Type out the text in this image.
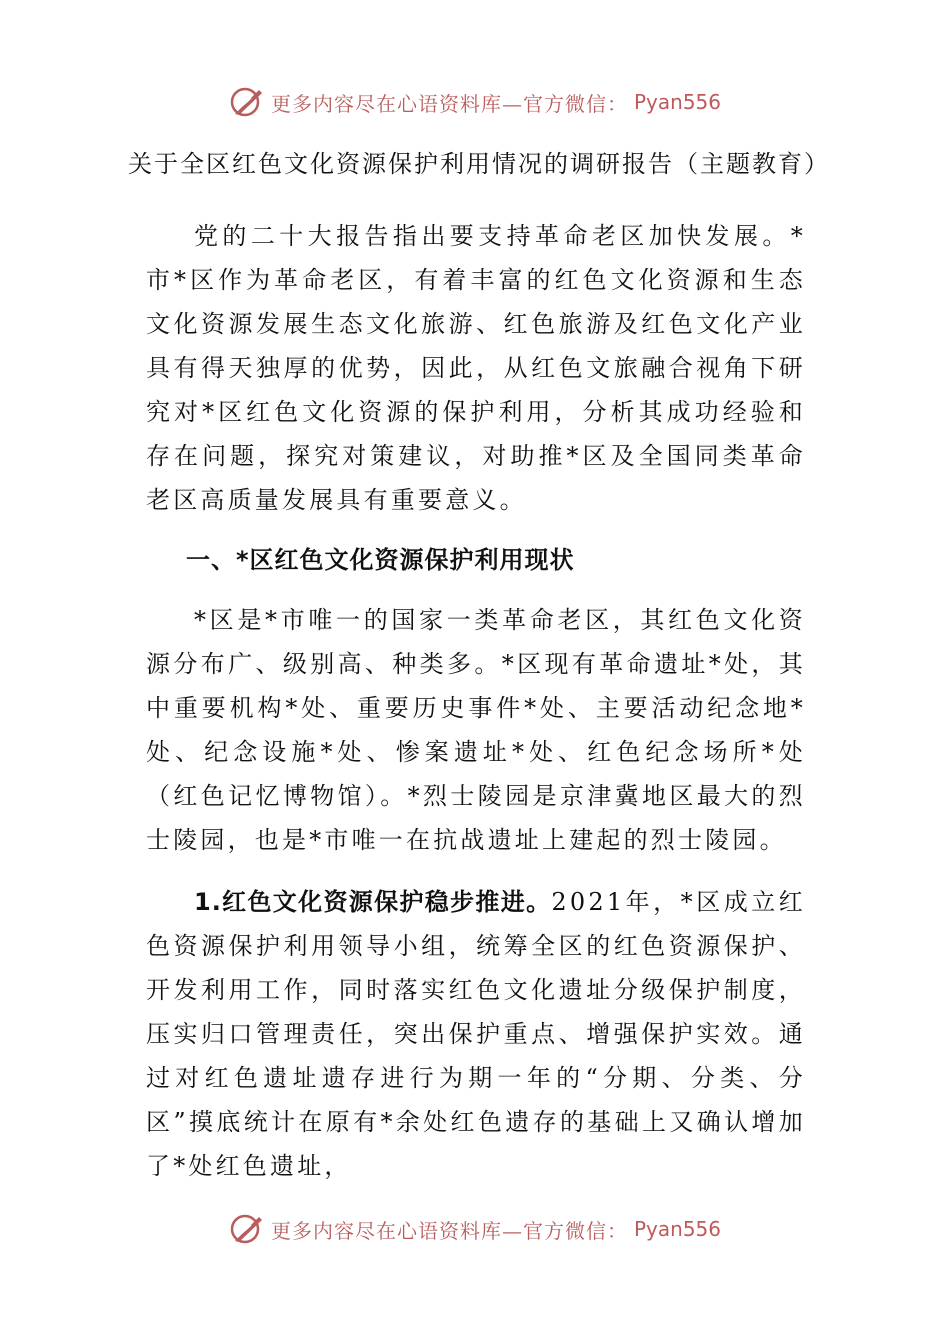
更多内容尽在心语资料库—官方微信： Pyan556
关于全区红色文化资源保护利用情况的调研报告（主题教育）

党的二十大报告指出要支持革命老区加快发展。*市*区作为革命老区，有着丰富的红色文化资源和生态文化资源发展生态文化旅游、红色旅游及红色文化产业具有得天独厚的优势，因此，从红色文旅融合视角下研究对*区红色文化资源的保护利用，分析其成功经验和存在问题，探究对策建议，对助推*区及全国同类革命老区高质量发展具有重要意义。

一、*区红色文化资源保护利用现状

*区是*市唯一的国家一类革命老区，其红色文化资源分布广、级别高、种类多。*区现有革命遗址*处，其中重要机构*处、重要历史事件*处、主要活动纪念地*处、纪念设施*处、惨案遗址*处、红色纪念场所*处（红色记忆博物馆）。*烈士陵园是京津冀地区最大的烈士陵园，也是*市唯一在抗战遗址上建起的烈士陵园。

1.红色文化资源保护稳步推进。2021年，*区成立红色资源保护利用领导小组，统筹全区的红色资源保护、开发利用工作，同时落实红色文化遗址分级保护制度，压实归口管理责任，突出保护重点、增强保护实效。通过对红色遗址遗存进行为期一年的“分期、分类、分区”摸底统计在原有*余处红色遗存的基础上又确认增加了*处红色遗址，

更多内容尽在心语资料库—官方微信： Pyan556
